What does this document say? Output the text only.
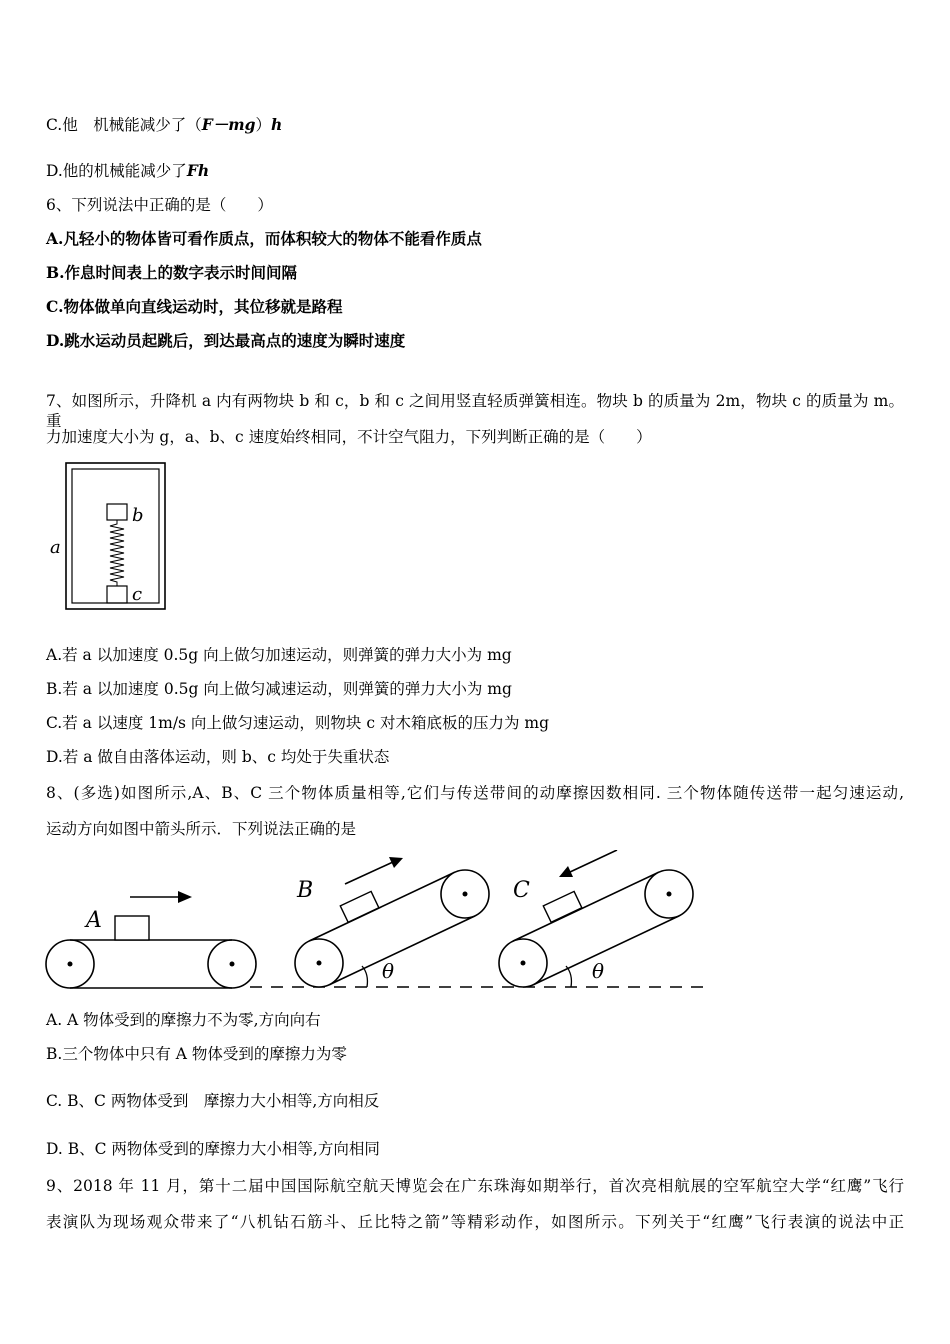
C.他　机械能减少了（F－mg）h
D.他的机械能减少了Fh
6、下列说法中正确的是（　　）
A.凡轻小的物体皆可看作质点，而体积较大的物体不能看作质点
B.作息时间表上的数字表示时间间隔
C.物体做单向直线运动时，其位移就是路程
D.跳水运动员起跳后，到达最高点的速度为瞬时速度
7、如图所示，升降机 a 内有两物块 b 和 c，b 和 c 之间用竖直轻质弹簧相连。物块 b 的质量为 2m，物块 c 的质量为 m。重
力加速度大小为 g，a、b、c 速度始终相同，不计空气阻力，下列判断正确的是（　　）
a
b
c
A.若 a 以加速度 0.5g 向上做匀加速运动，则弹簧的弹力大小为 mg
B.若 a 以加速度 0.5g 向上做匀减速运动，则弹簧的弹力大小为 mg
C.若 a 以速度 1m/s 向上做匀速运动，则物块 c 对木箱底板的压力为 mg
D.若 a 做自由落体运动，则 b、c 均处于失重状态
8、(多选)如图所示,A、B、C 三个物体质量相等,它们与传送带间的动摩擦因数相同. 三个物体随传送带一起匀速运动,
运动方向如图中箭头所示．下列说法正确的是
A
B
θ
C
θ
A. A 物体受到的摩擦力不为零,方向向右
B.三个物体中只有 A 物体受到的摩擦力为零
C. B、C 两物体受到　摩擦力大小相等,方向相反
D. B、C 两物体受到的摩擦力大小相等,方向相同
9、2018 年 11 月，第十二届中国国际航空航天博览会在广东珠海如期举行，首次亮相航展的空军航空大学“红鹰”飞行
表演队为现场观众带来了“八机钻石筋斗、丘比特之箭”等精彩动作，如图所示。下列关于“红鹰”飞行表演的说法中正
